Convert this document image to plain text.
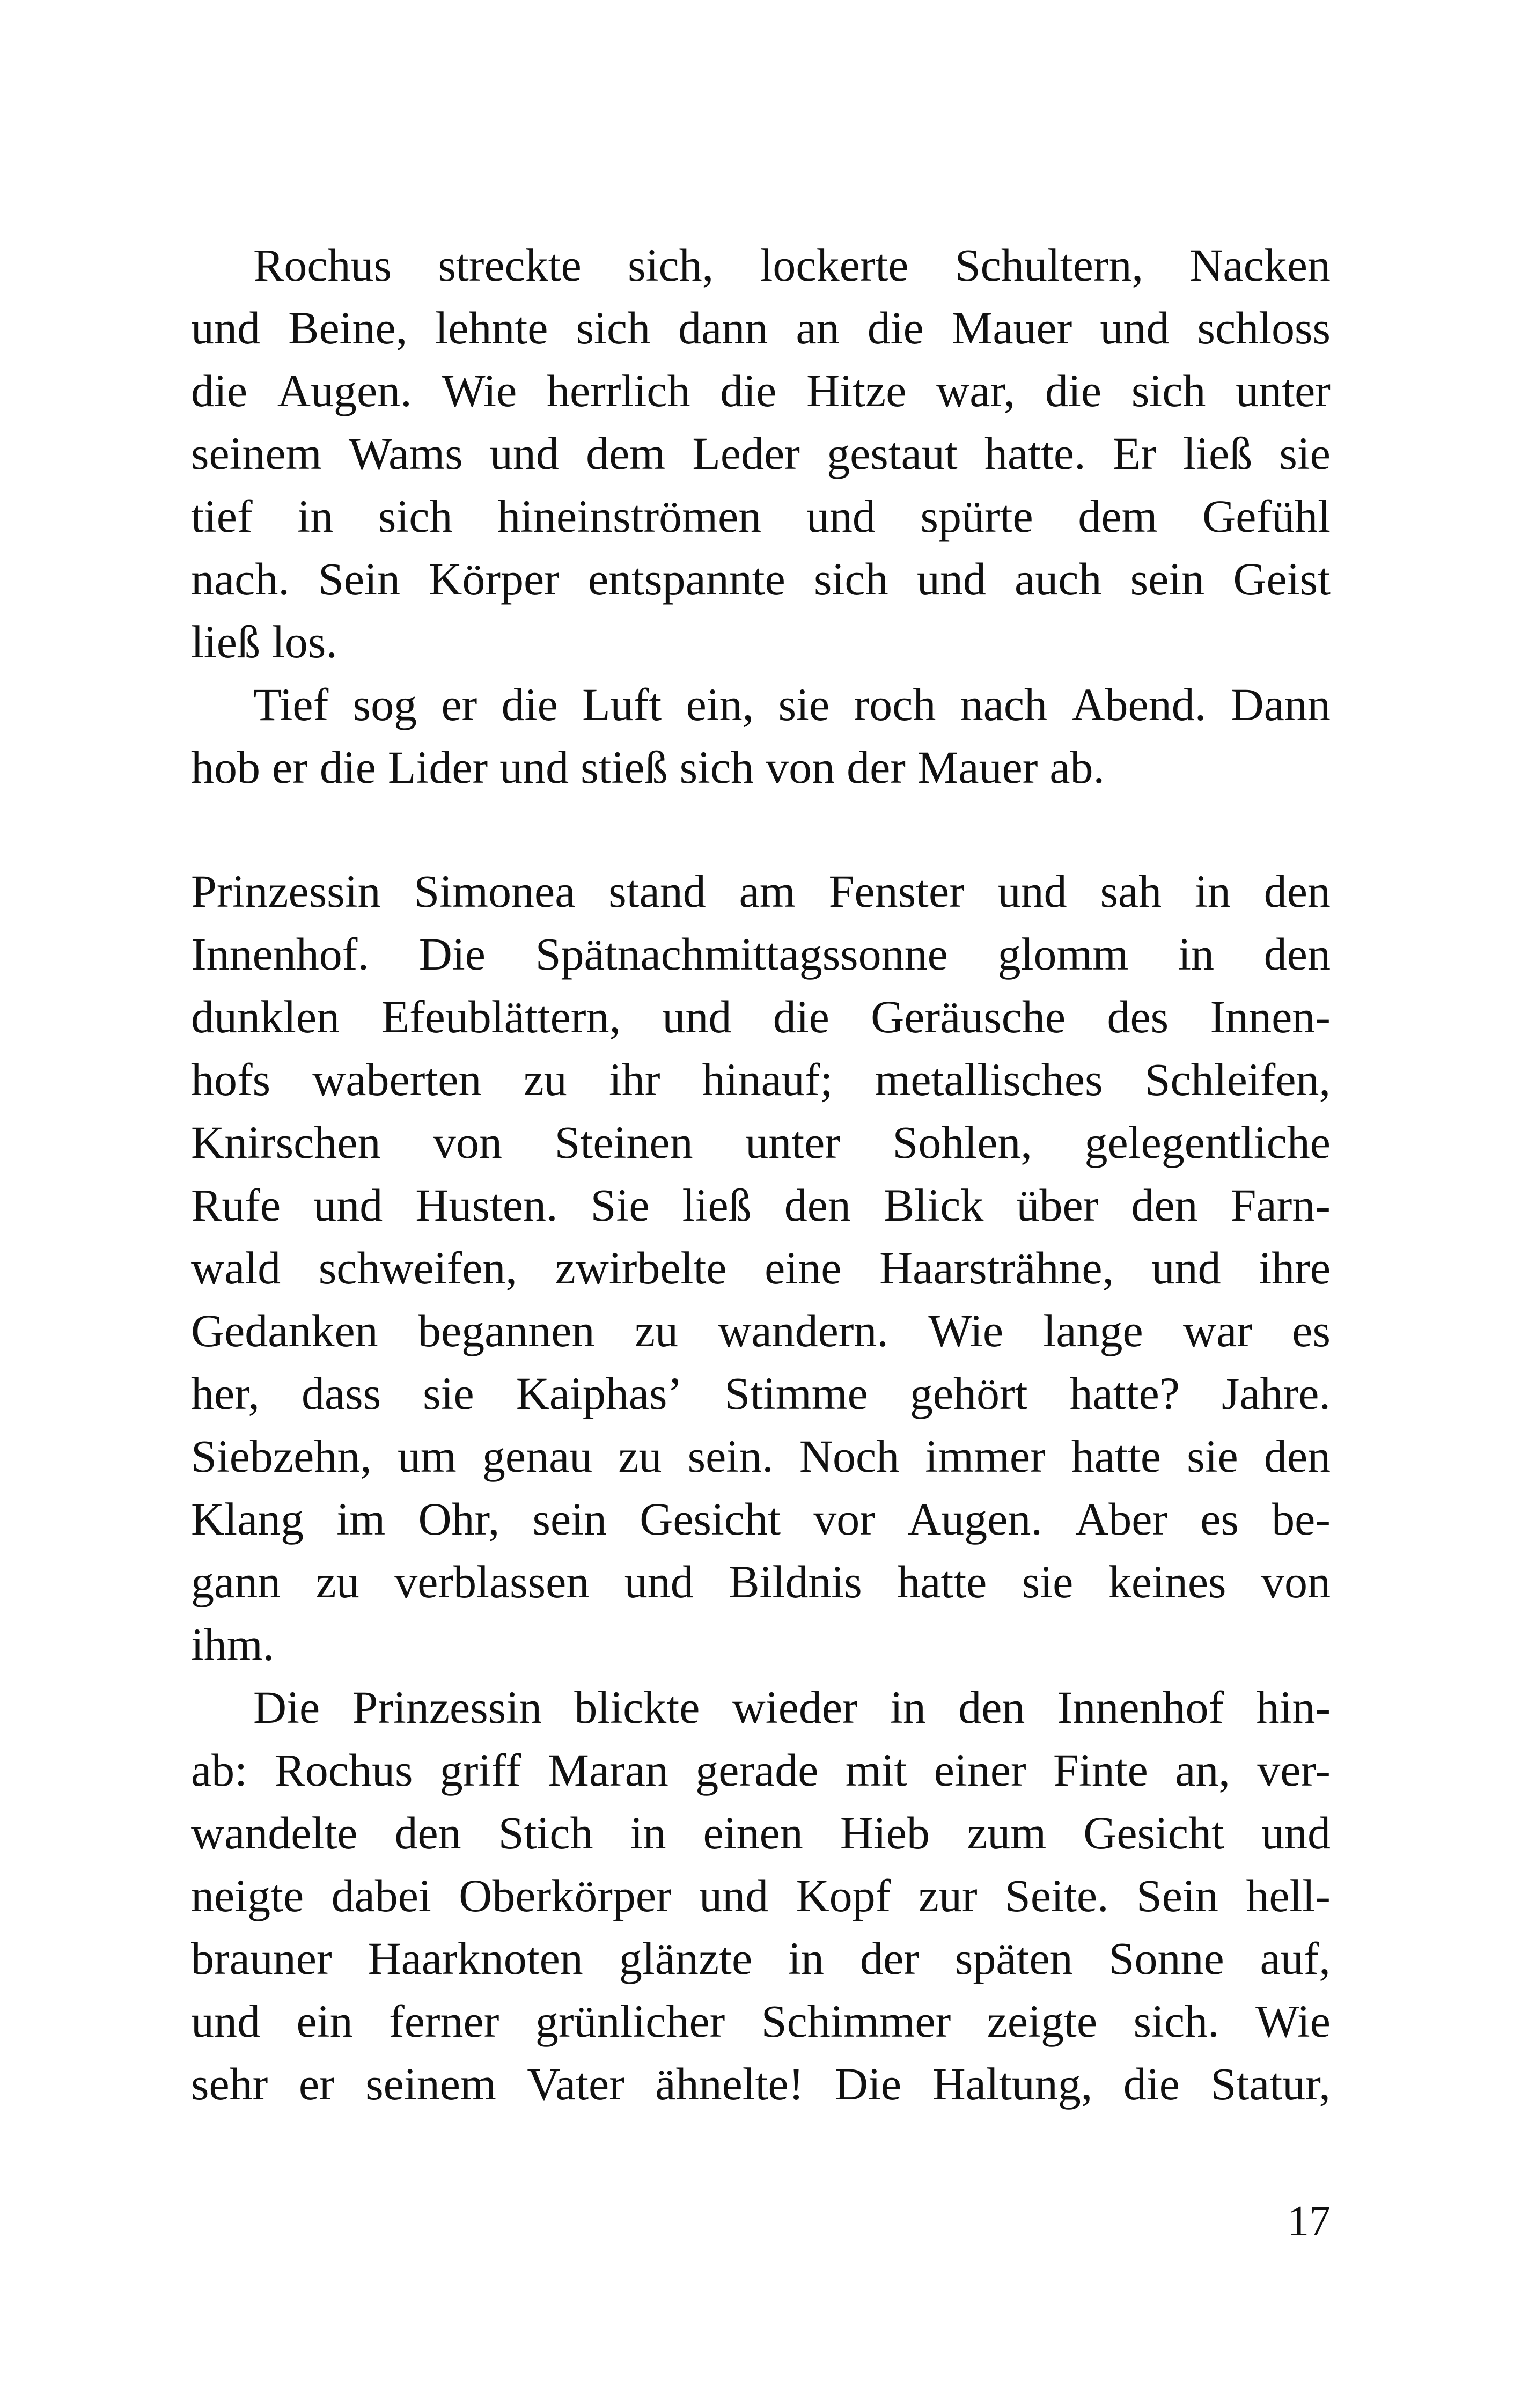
Rochus streckte sich, lockerte Schultern, Nacken
und Beine, lehnte sich dann an die Mauer und schloss
die Augen. Wie herrlich die Hitze war, die sich unter
seinem Wams und dem Leder gestaut hatte. Er ließ sie
tief in sich hineinströmen und spürte dem Gefühl
nach. Sein Körper entspannte sich und auch sein Geist
ließ los.
Tief sog er die Luft ein, sie roch nach Abend. Dann
hob er die Lider und stieß sich von der Mauer ab.
Prinzessin Simonea stand am Fenster und sah in den
Innenhof. Die Spätnachmittagssonne glomm in den
dunklen Efeublättern, und die Geräusche des Innen-
hofs waberten zu ihr hinauf; metallisches Schleifen,
Knirschen von Steinen unter Sohlen, gelegentliche
Rufe und Husten. Sie ließ den Blick über den Farn-
wald schweifen, zwirbelte eine Haarsträhne, und ihre
Gedanken begannen zu wandern. Wie lange war es
her, dass sie Kaiphas’ Stimme gehört hatte? Jahre.
Siebzehn, um genau zu sein. Noch immer hatte sie den
Klang im Ohr, sein Gesicht vor Augen. Aber es be-
gann zu verblassen und Bildnis hatte sie keines von
ihm.
Die Prinzessin blickte wieder in den Innenhof hin-
ab: Rochus griff Maran gerade mit einer Finte an, ver-
wandelte den Stich in einen Hieb zum Gesicht und
neigte dabei Oberkörper und Kopf zur Seite. Sein hell-
brauner Haarknoten glänzte in der späten Sonne auf,
und ein ferner grünlicher Schimmer zeigte sich. Wie
sehr er seinem Vater ähnelte! Die Haltung, die Statur,
17
